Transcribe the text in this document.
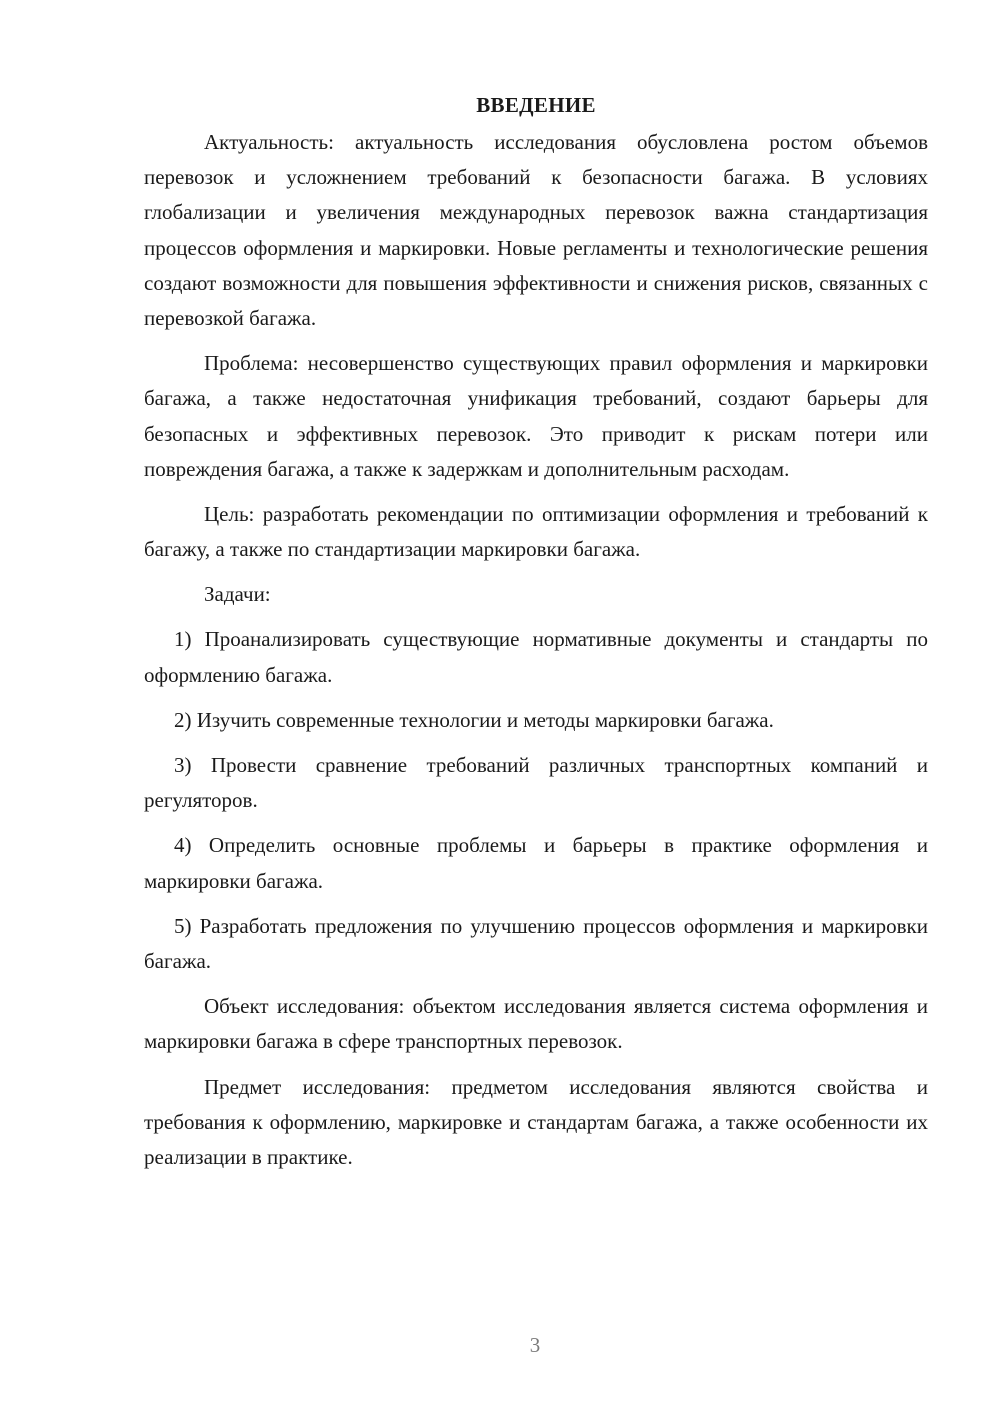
ВВЕДЕНИЕ

Актуальность: актуальность исследования обусловлена ростом объемов перевозок и усложнением требований к безопасности багажа. В условиях глобализации и увеличения международных перевозок важна стандартизация процессов оформления и маркировки. Новые регламенты и технологические решения создают возможности для повышения эффективности и снижения рисков, связанных с перевозкой багажа.

Проблема: несовершенство существующих правил оформления и маркировки багажа, а также недостаточная унификация требований, создают барьеры для безопасных и эффективных перевозок. Это приводит к рискам потери или повреждения багажа, а также к задержкам и дополнительным расходам.

Цель: разработать рекомендации по оптимизации оформления и требований к багажу, а также по стандартизации маркировки багажа.

Задачи:

1) Проанализировать существующие нормативные документы и стандарты по оформлению багажа.

2) Изучить современные технологии и методы маркировки багажа.

3) Провести сравнение требований различных транспортных компаний и регуляторов.

4) Определить основные проблемы и барьеры в практике оформления и маркировки багажа.

5) Разработать предложения по улучшению процессов оформления и маркировки багажа.

Объект исследования: объектом исследования является система оформления и маркировки багажа в сфере транспортных перевозок.

Предмет исследования: предметом исследования являются свойства и требования к оформлению, маркировке и стандартам багажа, а также особенности их реализации в практике.

3
